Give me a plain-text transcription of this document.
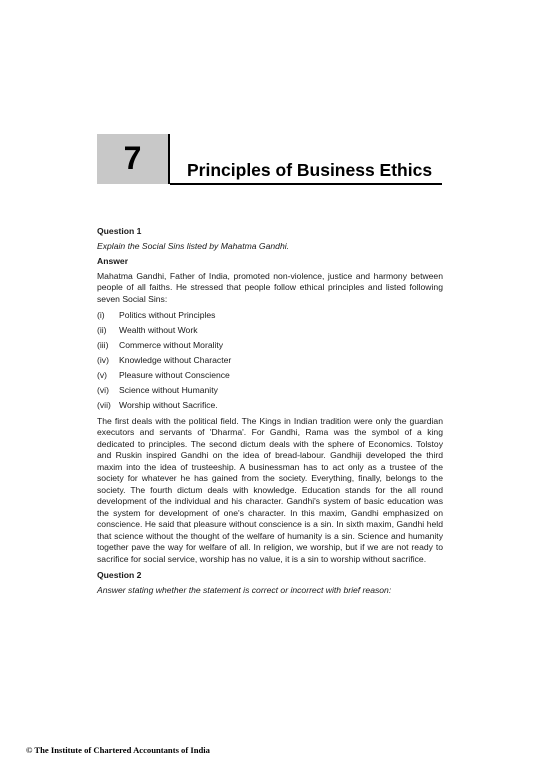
7	Principles of Business Ethics

Question 1

Explain the Social Sins listed by Mahatma Gandhi.

Answer

Mahatma Gandhi, Father of India, promoted non-violence, justice and harmony between people of all faiths. He stressed that people follow ethical principles and listed following seven Social Sins:

(i)	Politics without Principles
(ii)	Wealth without Work
(iii)	Commerce without Morality
(iv)	Knowledge without Character
(v)	Pleasure without Conscience
(vi)	Science without Humanity
(vii) Worship without Sacrifice.

The first deals with the political field. The Kings in Indian tradition were only the guardian executors and servants of 'Dharma'. For Gandhi, Rama was the symbol of a king dedicated to principles. The second dictum deals with the sphere of Economics. Tolstoy and Ruskin inspired Gandhi on the idea of bread-labour. Gandhiji developed the third maxim into the idea of trusteeship. A businessman has to act only as a trustee of the society for whatever he has gained from the society. Everything, finally, belongs to the society. The fourth dictum deals with knowledge. Education stands for the all round development of the individual and his character. Gandhi's system of basic education was the system for development of one's character. In this maxim, Gandhi emphasized on conscience. He said that pleasure without conscience is a sin. In sixth maxim, Gandhi held that science without the thought of the welfare of humanity is a sin. Science and humanity together pave the way for welfare of all. In religion, we worship, but if we are not ready to sacrifice for social service, worship has no value, it is a sin to worship without sacrifice.

Question 2

Answer stating whether the statement is correct or incorrect with brief reason:

© The Institute of Chartered Accountants of India
